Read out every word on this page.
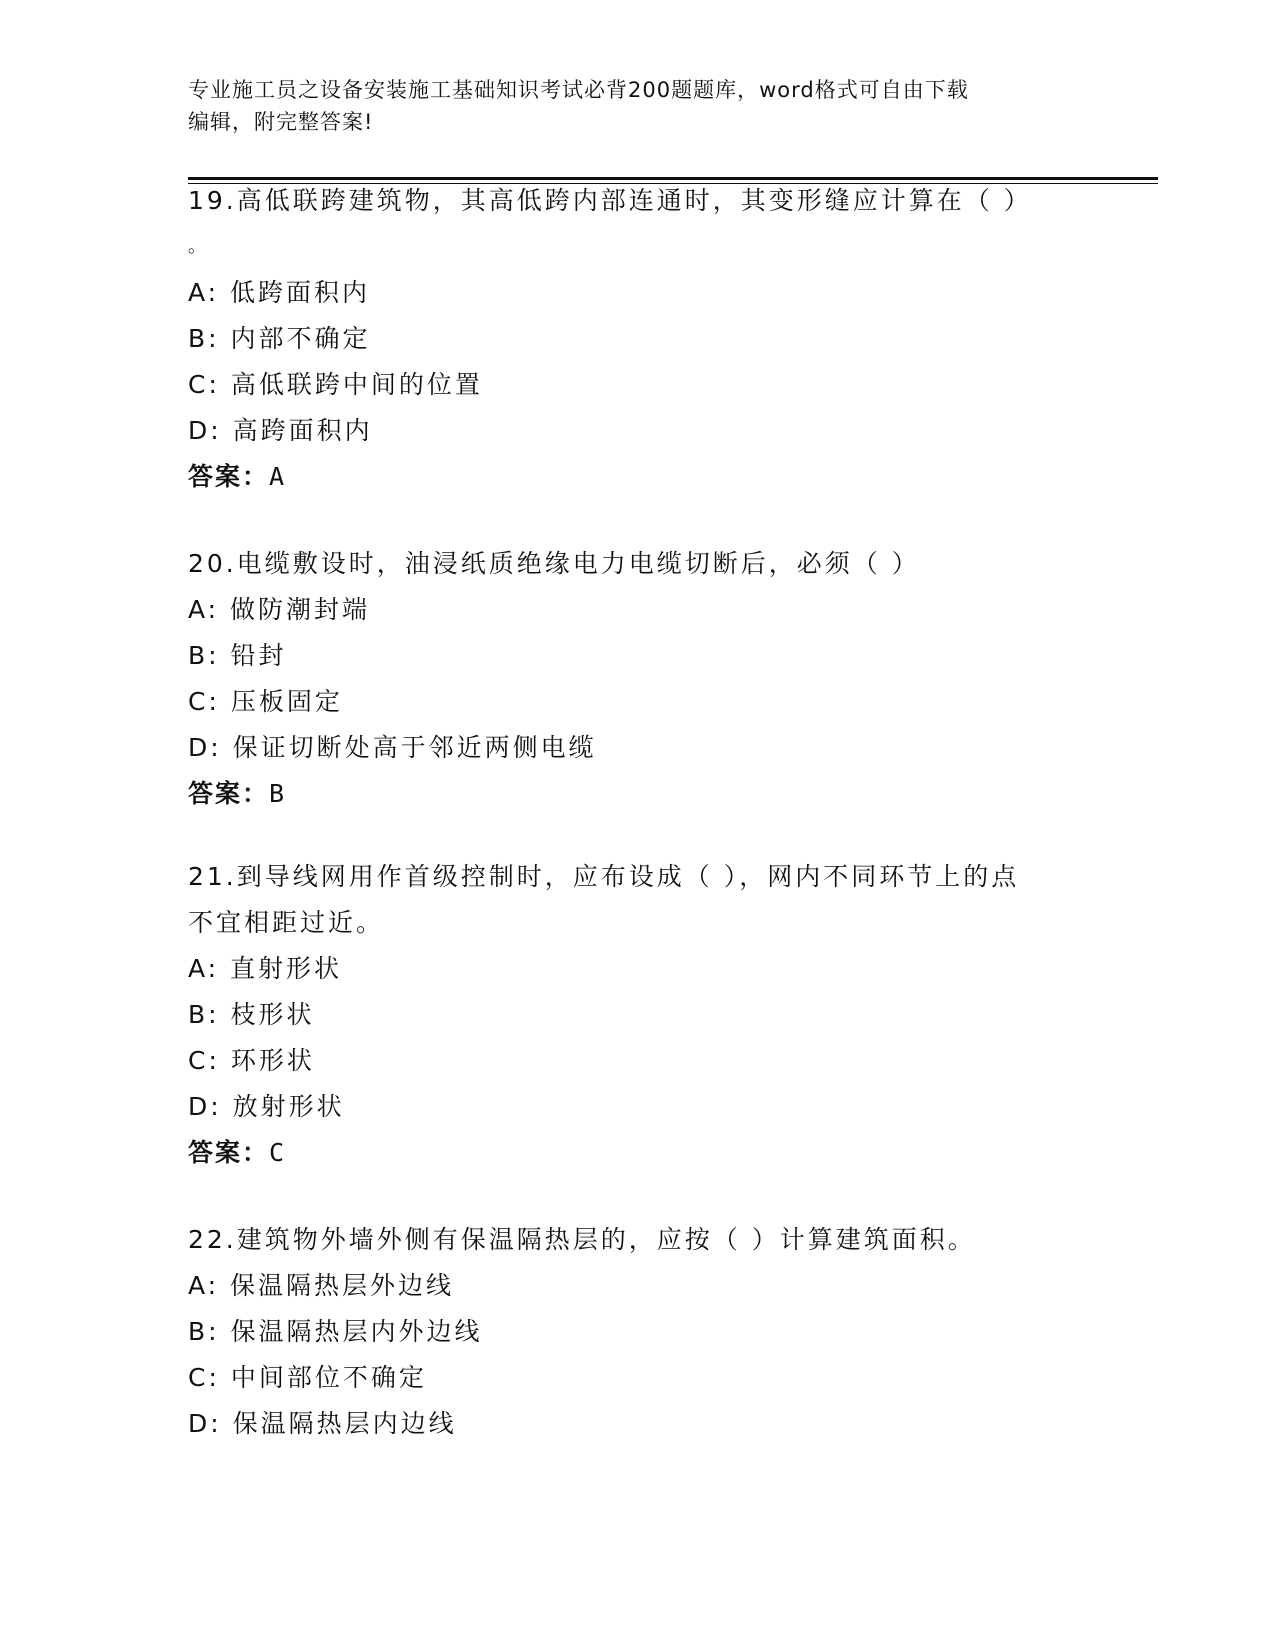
专业施工员之设备安装施工基础知识考试必背200题题库，word格式可自由下载
编辑，附完整答案!
19.高低联跨建筑物，其高低跨内部连通时，其变形缝应计算在（ ）
。
A: 低跨面积内
B: 内部不确定
C: 高低联跨中间的位置
D: 高跨面积内
答案：A
20.电缆敷设时，油浸纸质绝缘电力电缆切断后，必须（ ）
A: 做防潮封端
B: 铅封
C: 压板固定
D: 保证切断处高于邻近两侧电缆
答案：B
21.到导线网用作首级控制时，应布设成（ ），网内不同环节上的点
不宜相距过近。
A: 直射形状
B: 枝形状
C: 环形状
D: 放射形状
答案：C
22.建筑物外墙外侧有保温隔热层的，应按（ ）计算建筑面积。
A: 保温隔热层外边线
B: 保温隔热层内外边线
C: 中间部位不确定
D: 保温隔热层内边线
